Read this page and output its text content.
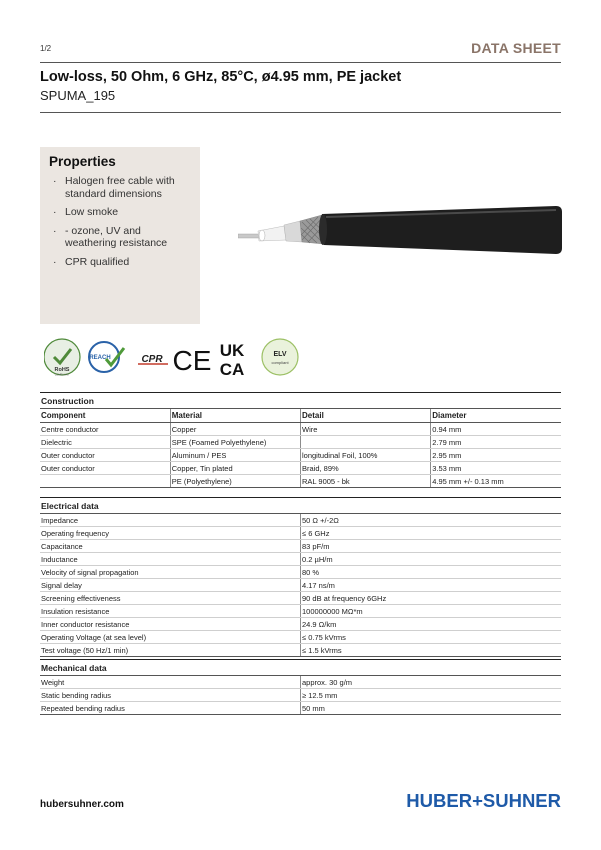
1/2	DATA SHEET
Low-loss, 50 Ohm, 6 GHz, 85°C, ø4.95 mm, PE jacket
SPUMA_195
Properties
· Halogen free cable with standard dimensions
· Low smoke
· - ozone, UV and weathering resistance
· CPR qualified
RoHS
COMPLIANT
REACH	CPR CE UK
CA
ELV
compliant
Construction			
Component	Material	Detail	Diameter
Centre conductor	Copper	Wire	0.94 mm
Dielectric	SPE (Foamed Polyethylene)		2.79 mm
Outer conductor	Aluminum / PES	longitudinal Foil, 100%	2.95 mm
Outer conductor	Copper, Tin plated	Braid, 89%	3.53 mm
	PE (Polyethylene)	RAL 9005 - bk	4.95 mm +/- 0.13 mm
Electrical data	
Impedance	50 Ω +/-2Ω
Operating frequency	≤ 6 GHz
Capacitance	83 pF/m
Inductance	0.2 µH/m
Velocity of signal propagation	80 %
Signal delay	4.17 ns/m
Screening effectiveness	90 dB at frequency 6GHz
Insulation resistance	100000000 MΩ*m
Inner conductor resistance	24.9 Ω/km
Operating Voltage (at sea level)	≤ 0.75 kVrms
Test voltage (50 Hz/1 min)	≤ 1.5 kVrms
Mechanical data	
Weight	approx. 30 g/m
Static bending radius	≥ 12.5 mm
Repeated bending radius	50 mm
hubersuhner.com	HUBER+SUHNER
